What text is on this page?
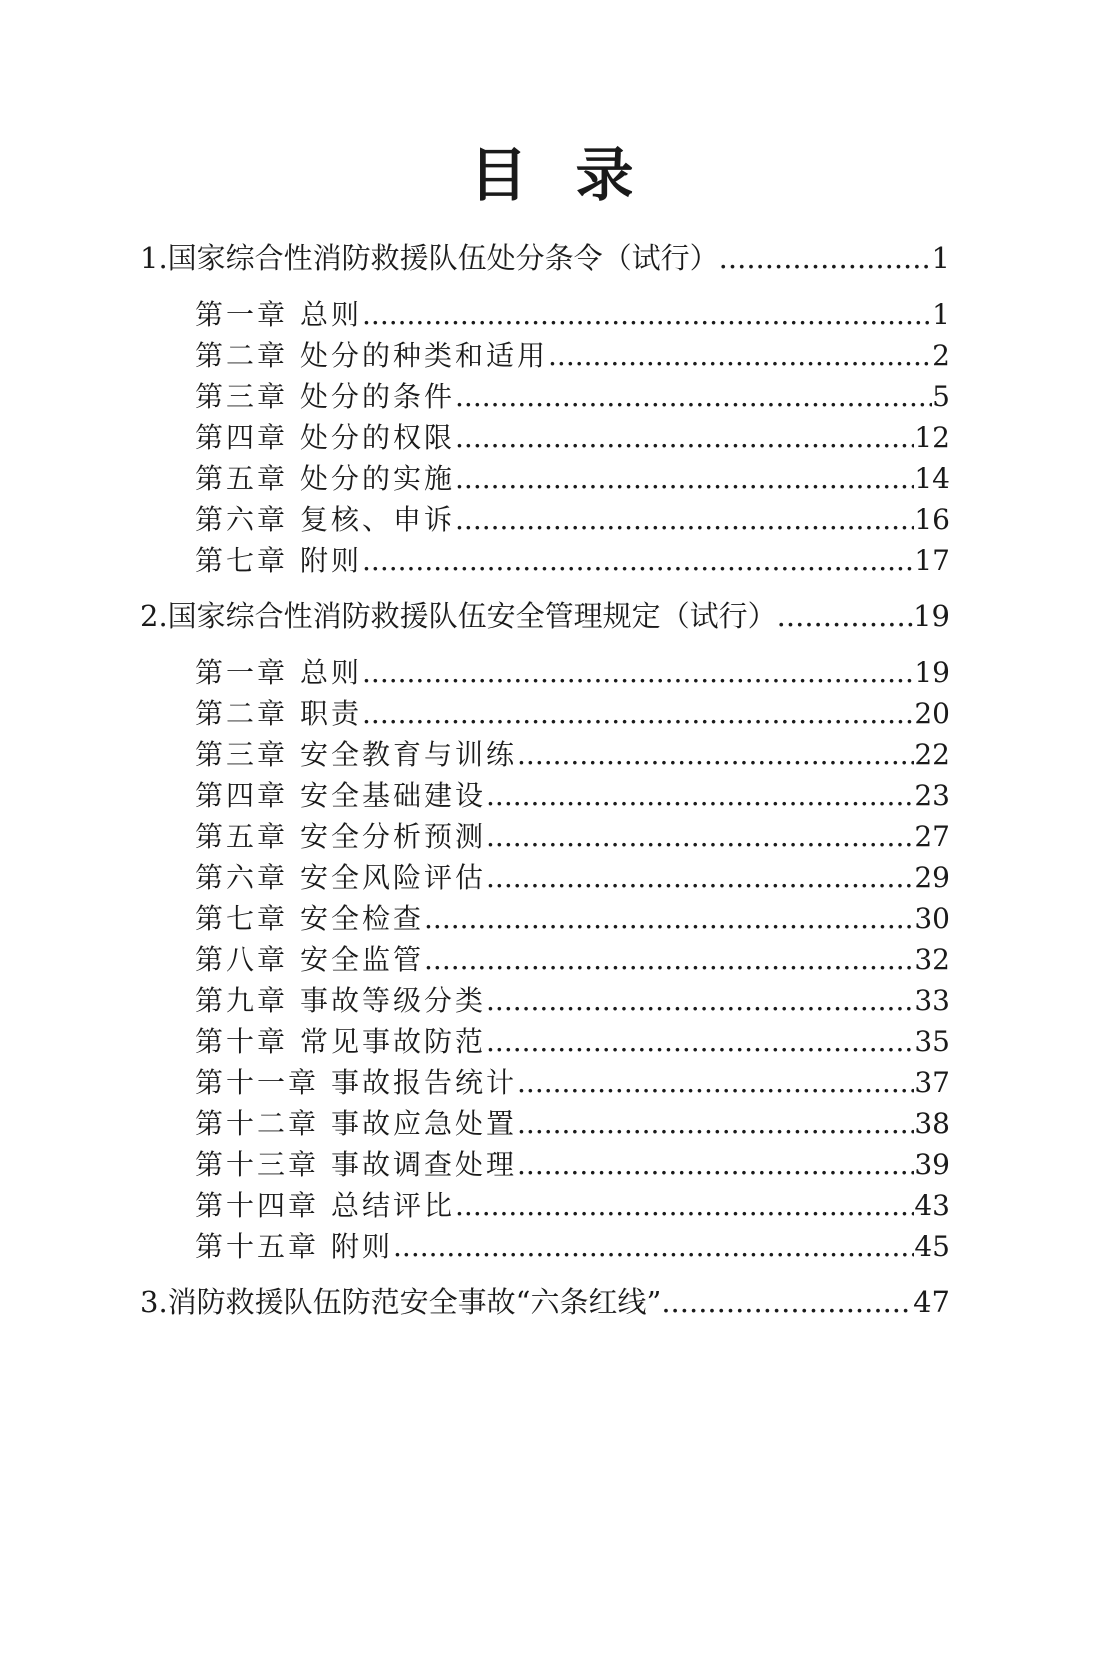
目 录
1.国家综合性消防救援队伍处分条令（试行） .....	1
第一章 总则 .....	1
第二章 处分的种类和适用 .....	2
第三章 处分的条件 .....	5
第四章 处分的权限 .....	12
第五章 处分的实施 .....	14
第六章 复核、申诉 .....	16
第七章 附则 .....	17
2.国家综合性消防救援队伍安全管理规定（试行） .....	19
第一章 总则 .....	19
第二章 职责 .....	20
第三章 安全教育与训练 .....	22
第四章 安全基础建设 .....	23
第五章 安全分析预测 .....	27
第六章 安全风险评估 .....	29
第七章 安全检查 .....	30
第八章 安全监管 .....	32
第九章 事故等级分类 .....	33
第十章 常见事故防范 .....	35
第十一章 事故报告统计 .....	37
第十二章 事故应急处置 .....	38
第十三章 事故调查处理 .....	39
第十四章 总结评比 .....	43
第十五章 附则 .....	45
3.消防救援队伍防范安全事故“六条红线” .....	47
